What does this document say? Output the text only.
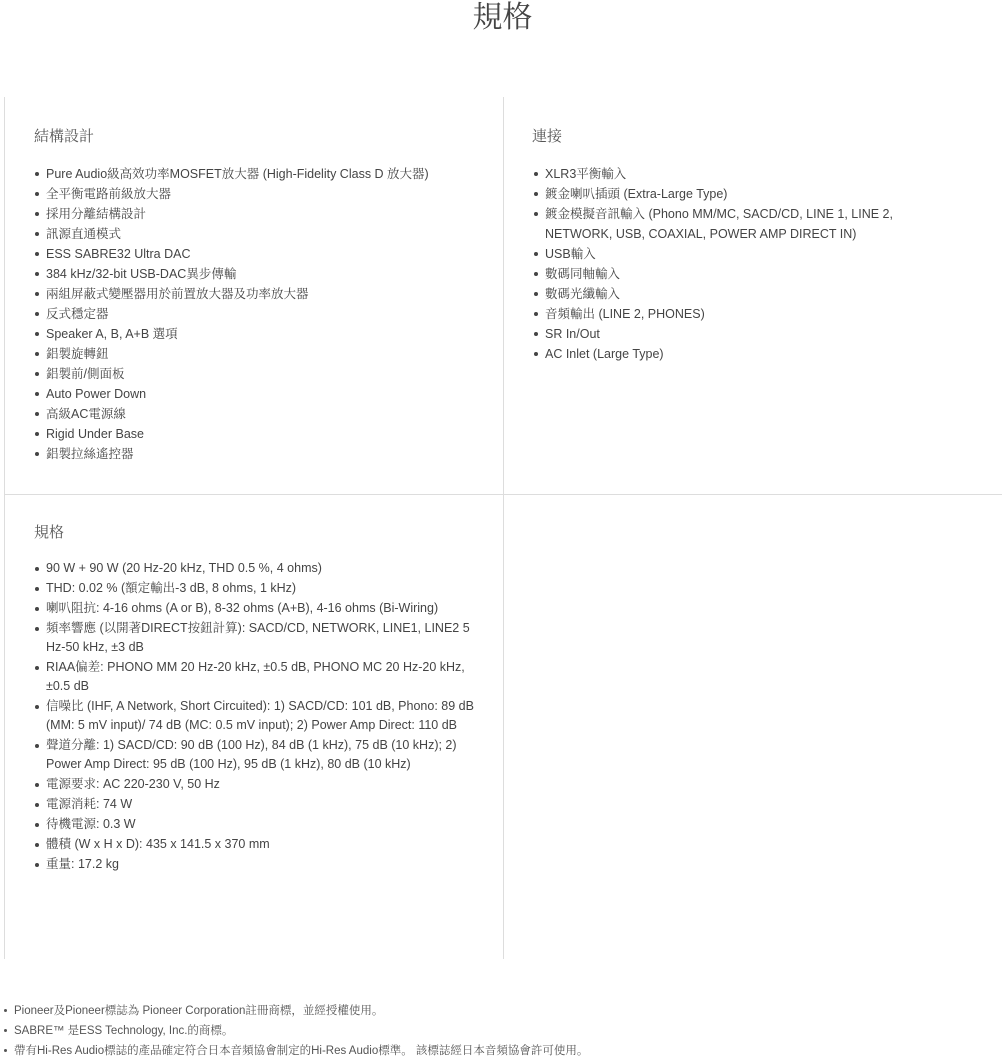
規格
結構設計
Pure Audio級高效功率MOSFET放大器 (High-Fidelity Class D 放大器)
全平衡電路前級放大器
採用分離結構設計
訊源直通模式
ESS SABRE32 Ultra DAC
384 kHz/32-bit USB-DAC異步傳輸
兩組屏蔽式變壓器用於前置放大器及功率放大器
反式穩定器
Speaker A, B, A+B 選項
鋁製旋轉鈕
鋁製前/側面板
Auto Power Down
高級AC電源線
Rigid Under Base
鋁製拉絲遙控器
連接
XLR3平衡輸入
鍍金喇叭插頭 (Extra-Large Type)
鍍金模擬音訊輸入 (Phono MM/MC, SACD/CD, LINE 1, LINE 2, NETWORK, USB, COAXIAL, POWER AMP DIRECT IN)
USB輸入
數碼同軸輸入
數碼光纖輸入
音頻輸出 (LINE 2, PHONES)
SR In/Out
AC Inlet (Large Type)
規格
90 W + 90 W (20 Hz-20 kHz, THD 0.5 %, 4 ohms)
THD: 0.02 % (額定輸出-3 dB, 8 ohms, 1 kHz)
喇叭阻抗: 4-16 ohms (A or B), 8-32 ohms (A+B), 4-16 ohms (Bi-Wiring)
頻率響應 (以開著DIRECT按鈕計算): SACD/CD, NETWORK, LINE1, LINE2 5 Hz-50 kHz, ±3 dB
RIAA偏差: PHONO MM 20 Hz-20 kHz, ±0.5 dB, PHONO MC 20 Hz-20 kHz, ±0.5 dB
信噪比 (IHF, A Network, Short Circuited): 1) SACD/CD: 101 dB, Phono: 89 dB (MM: 5 mV input)/ 74 dB (MC: 0.5 mV input); 2) Power Amp Direct: 110 dB
聲道分離: 1) SACD/CD: 90 dB (100 Hz), 84 dB (1 kHz), 75 dB (10 kHz); 2) Power Amp Direct: 95 dB (100 Hz), 95 dB (1 kHz), 80 dB (10 kHz)
電源要求: AC 220-230 V, 50 Hz
電源消耗: 74 W
待機電源: 0.3 W
體積 (W x H x D): 435 x 141.5 x 370 mm
重量: 17.2 kg
Pioneer及Pioneer標誌為 Pioneer Corporation註冊商標，並經授權使用。
SABRE™ 是ESS Technology, Inc.的商標。
帶有Hi-Res Audio標誌的產品確定符合日本音頻協會制定的Hi-Res Audio標準。 該標誌經日本音頻協會許可使用。
